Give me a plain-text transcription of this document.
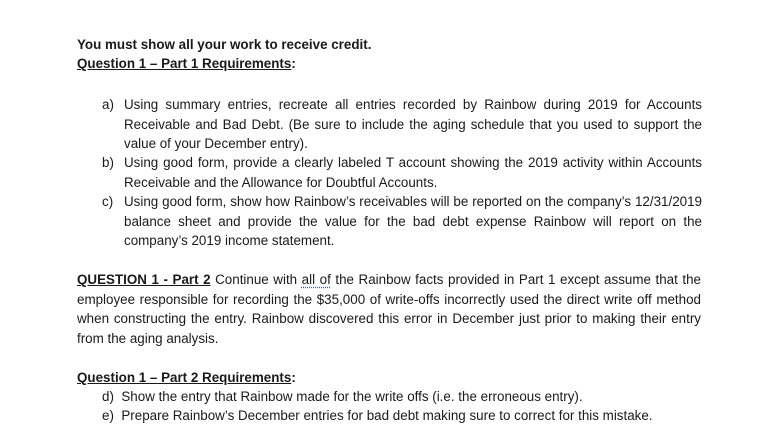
You must show all your work to receive credit.
Question 1 – Part 1 Requirements:
a) Using summary entries, recreate all entries recorded by Rainbow during 2019 for Accounts Receivable and Bad Debt. (Be sure to include the aging schedule that you used to support the value of your December entry).
b) Using good form, provide a clearly labeled T account showing the 2019 activity within Accounts Receivable and the Allowance for Doubtful Accounts.
c) Using good form, show how Rainbow’s receivables will be reported on the company’s 12/31/2019 balance sheet and provide the value for the bad debt expense Rainbow will report on the company’s 2019 income statement.
QUESTION 1 - Part 2 Continue with all of the Rainbow facts provided in Part 1 except assume that the employee responsible for recording the $35,000 of write-offs incorrectly used the direct write off method when constructing the entry. Rainbow discovered this error in December just prior to making their entry from the aging analysis.
Question 1 – Part 2 Requirements:
d) Show the entry that Rainbow made for the write offs (i.e. the erroneous entry).
e) Prepare Rainbow’s December entries for bad debt making sure to correct for this mistake.
